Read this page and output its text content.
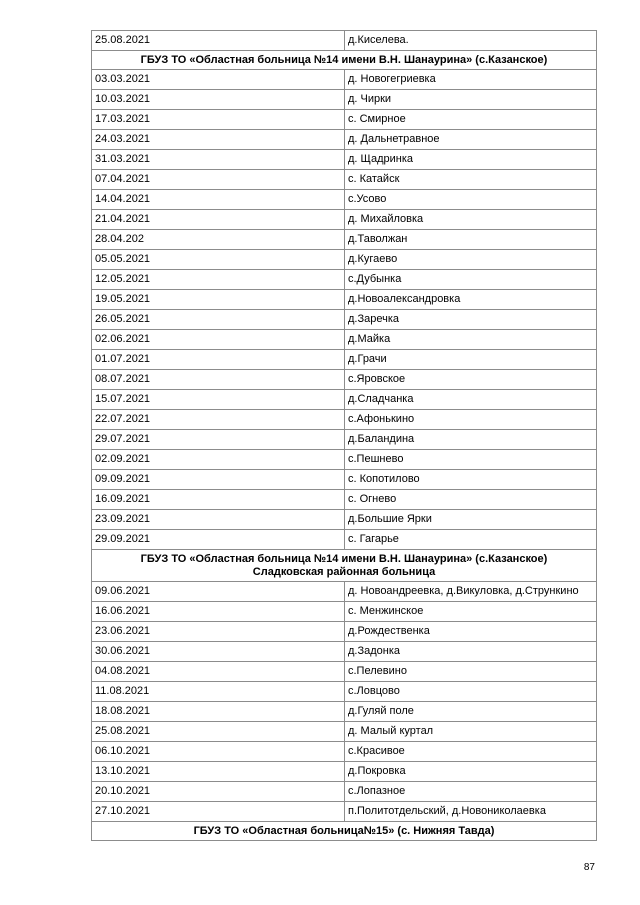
25.08.2021	д.Киселева.

ГБУЗ ТО «Областная больница №14 имени В.Н. Шанаурина» (с.Казанское)	

03.03.2021	д. Новогегриевка
10.03.2021	д. Чирки
17.03.2021	с. Смирное
24.03.2021	д. Дальнетравное
31.03.2021	д. Щадринка
07.04.2021	с. Катайск
14.04.2021	с.Усово
21.04.2021	д. Михайловка
28.04.202	д.Таволжан
05.05.2021	д.Кугаево
12.05.2021	с.Дубынка
19.05.2021	д.Новоалександровка
26.05.2021	д.Заречка
02.06.2021	д.Майка
01.07.2021	д.Грачи
08.07.2021	с.Яровское
15.07.2021	д.Сладчанка
22.07.2021	с.Афонькино
29.07.2021	д.Баландина
02.09.2021	с.Пешнево
09.09.2021	с. Копотилово
16.09.2021	с. Огнево
23.09.2021	д.Большие Ярки
29.09.2021	с. Гагарье

ГБУЗ ТО «Областная больница №14 имени В.Н. Шанаурина» (с.Казанское)
Сладковская районная больница	

09.06.2021	д. Новоандреевка, д.Викуловка, д.Стрункино
16.06.2021	с. Менжинское
23.06.2021	д.Рождественка
30.06.2021	д.Задонка
04.08.2021	с.Пелевино
11.08.2021	с.Ловцово
18.08.2021	д.Гуляй поле
25.08.2021	д. Малый куртал
06.10.2021	с.Красивое
13.10.2021	д.Покровка
20.10.2021	с.Лопазное
27.10.2021	п.Политотдельский, д.Новониколаевка

ГБУЗ ТО «Областная больница№15» (с. Нижняя Тавда)	
87
